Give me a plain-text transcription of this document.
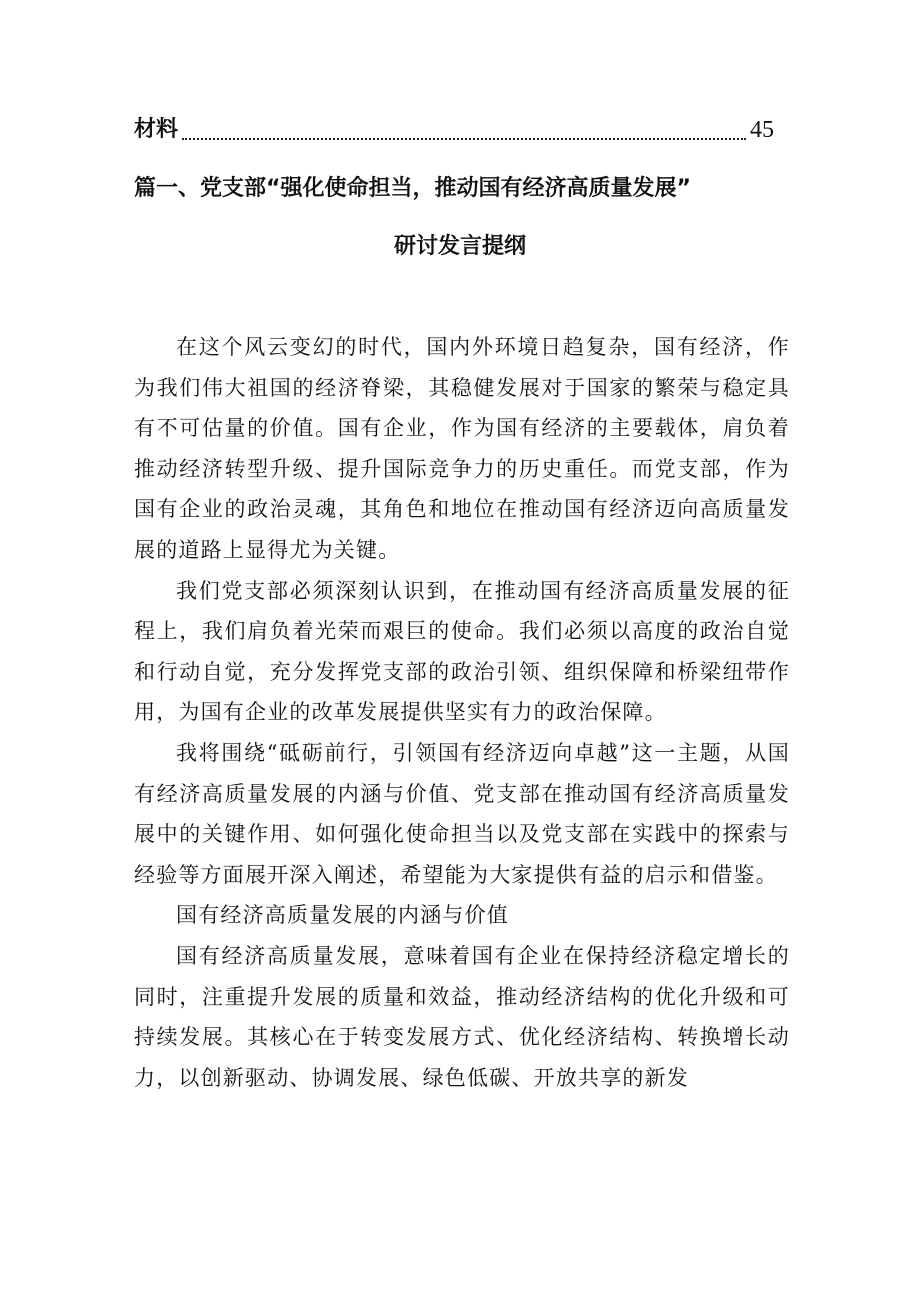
材料	45
篇一、党支部“强化使命担当，推动国有经济高质量发展”
研讨发言提纲

在这个风云变幻的时代，国内外环境日趋复杂，国有经济，作为我们伟大祖国的经济脊梁，其稳健发展对于国家的繁荣与稳定具有不可估量的价值。国有企业，作为国有经济的主要载体，肩负着推动经济转型升级、提升国际竞争力的历史重任。而党支部，作为国有企业的政治灵魂，其角色和地位在推动国有经济迈向高质量发展的道路上显得尤为关键。

我们党支部必须深刻认识到，在推动国有经济高质量发展的征程上，我们肩负着光荣而艰巨的使命。我们必须以高度的政治自觉和行动自觉，充分发挥党支部的政治引领、组织保障和桥梁纽带作用，为国有企业的改革发展提供坚实有力的政治保障。

我将围绕“砥砺前行，引领国有经济迈向卓越”这一主题，从国有经济高质量发展的内涵与价值、党支部在推动国有经济高质量发展中的关键作用、如何强化使命担当以及党支部在实践中的探索与经验等方面展开深入阐述，希望能为大家提供有益的启示和借鉴。

国有经济高质量发展的内涵与价值

国有经济高质量发展，意味着国有企业在保持经济稳定增长的同时，注重提升发展的质量和效益，推动经济结构的优化升级和可持续发展。其核心在于转变发展方式、优化经济结构、转换增长动力，以创新驱动、协调发展、绿色低碳、开放共享的新发
